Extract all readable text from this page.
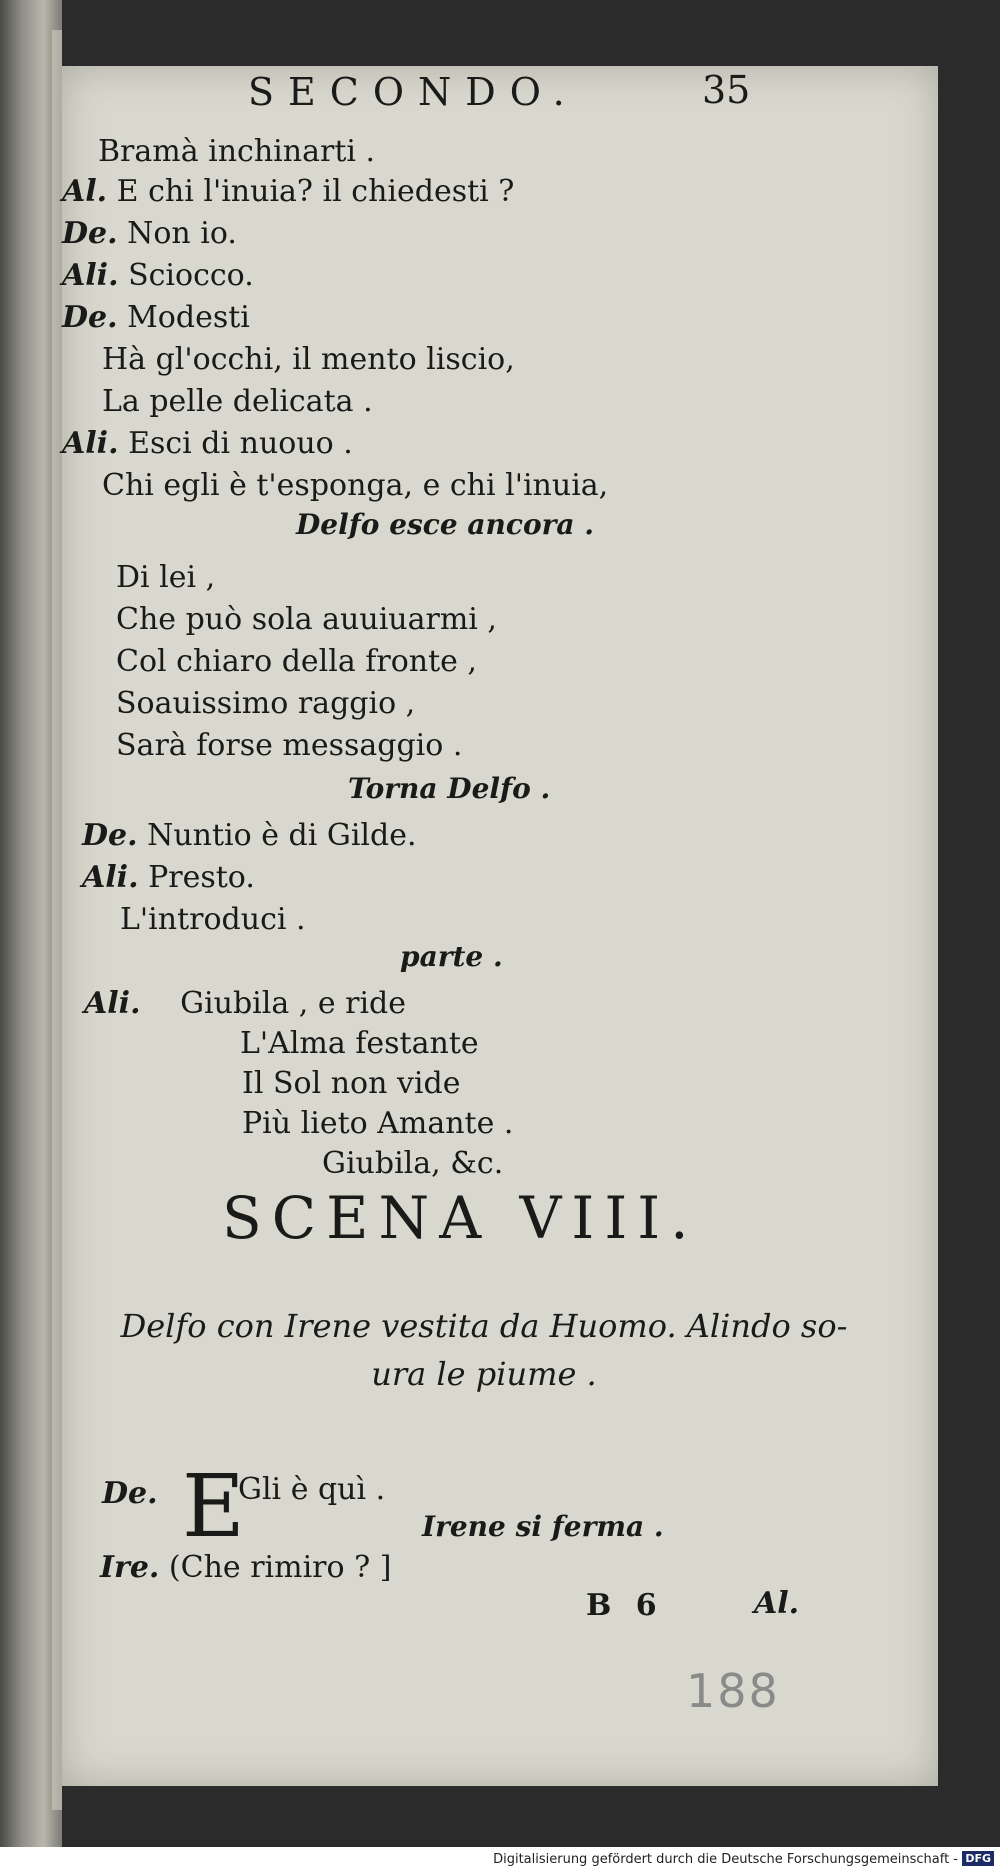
SECONDO.	35
Bramà inchinarti .
Al. E chi l'inuia? il chiedesti ?
De. Non io.
Ali. Sciocco.
De. Modesti
Hà gl'occhi, il mento liscio,
La pelle delicata .
Ali. Esci di nuouo .
Chi egli è t'esponga, e chi l'inuia,
Delfo esce ancora .
Di lei ,
Che può sola auuiuarmi ,
Col chiaro della fronte ,
Soauissimo raggio ,
Sarà forse messaggio .
Torna Delfo .
De. Nuntio è di Gilde.
Ali. Presto.
L'introduci .
parte .
Ali. Giubila , e ride
L'Alma festante
Il Sol non vide
Più lieto Amante .
Giubila, &c.
SCENA VIII.
Delfo con Irene vestita da Huomo. Alindo so-ura le piume .
De. E
Gli è quì .
Irene si ferma .
Ire. (Che rimiro ? ]
B 6	Al.
188
Digitalisierung gefördert durch die Deutsche Forschungsgemeinschaft - DFG
